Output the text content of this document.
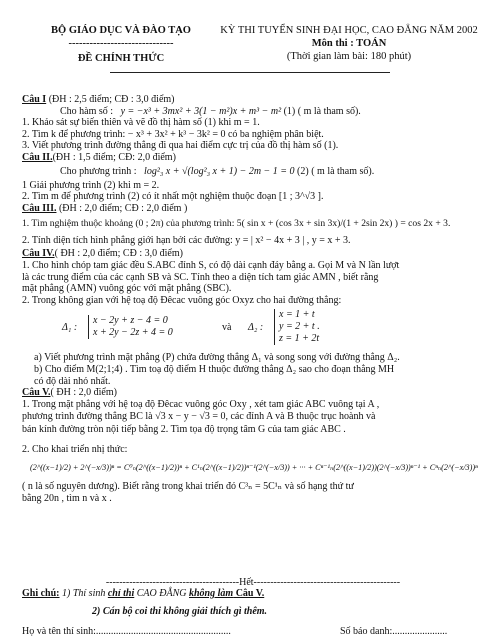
BỘ GIÁO DỤC VÀ ĐÀO TẠO
------------------------------
ĐỀ CHÍNH THỨC
KỲ THI TUYỂN SINH ĐẠI HỌC, CAO ĐẲNG NĂM 2002
Môn thi : TOÁN
(Thời gian làm bài: 180 phút)
Câu I (ĐH : 2,5 điểm; CĐ : 3,0 điểm)
Cho hàm số : y = −x³ + 3mx² + 3(1 − m²)x + m³ − m² (1) ( m là tham số).
1. Khảo sát sự biến thiên và vẽ đồ thị hàm số (1) khi m = 1.
2. Tìm k để phương trình: − x³ + 3x² + k³ − 3k² = 0 có ba nghiệm phân biệt.
3. Viết phương trình đường thẳng đi qua hai điểm cực trị của đồ thị hàm số (1).
Câu II.(ĐH : 1,5 điểm; CĐ: 2,0 điểm)
Cho phương trình : log²₃ x + √(log²₃ x + 1) − 2m − 1 = 0 (2) ( m là tham số).
1 Giải phương trình (2) khi m = 2.
2. Tìm m để phương trình (2) có ít nhất một nghiệm thuộc đoạn [1 ; 3^√3 ].
Câu III. (ĐH : 2,0 điểm; CĐ : 2,0 điểm )
1. Tìm nghiệm thuộc khoảng (0 ; 2π) của phương trình: 5( sin x + (cos 3x + sin 3x)/(1 + 2sin 2x) ) = cos 2x + 3.
2. Tính diện tích hình phẳng giới hạn bởi các đường: y = | x² − 4x + 3 | , y = x + 3.
Câu IV.( ĐH : 2,0 điểm; CĐ : 3,0 điểm)
1. Cho hình chóp tam giác đều S.ABC đỉnh S, có độ dài cạnh đáy bằng a. Gọi M và N lần lượt
là các trung điểm của các cạnh SB và SC. Tính theo a diện tích tam giác AMN , biết rằng
mặt phẳng (AMN) vuông góc với mặt phẳng (SBC).
2. Trong không gian với hệ toạ độ Đêcac vuông góc Oxyz cho hai đường thẳng:
Δ₁ :
x − 2y + z − 4 = 0
x + 2y − 2z + 4 = 0	và Δ₂ :
x = 1 + t
y = 2 + t .
z = 1 + 2t
a) Viết phương trình mặt phẳng (P) chứa đường thẳng Δ₁ và song song với đường thẳng Δ₂.
b) Cho điểm M(2;1;4) . Tìm toạ độ điểm H thuộc đường thẳng Δ₂ sao cho đoạn thẳng MH
có độ dài nhỏ nhất.
Câu V.( ĐH : 2,0 điểm)
1. Trong mặt phẳng với hệ toạ độ Đêcac vuông góc Oxy , xét tam giác ABC vuông tại A ,
phương trình đường thẳng BC là √3 x − y − √3 = 0, các đỉnh A và B thuộc trục hoành và
bán kính đường tròn nội tiếp bằng 2. Tìm tọa độ trọng tâm G của tam giác ABC .
2. Cho khai triển nhị thức:
(2^((x−1)/2) + 2^(−x/3))ⁿ = C⁰ₙ(2^((x−1)/2))ⁿ + C¹ₙ(2^((x−1)/2))ⁿ⁻¹(2^(−x/3)) + ··· + Cⁿ⁻¹ₙ(2^((x−1)/2))(2^(−x/3))ⁿ⁻¹ + Cⁿₙ(2^(−x/3))ⁿ
( n là số nguyên dương). Biết rằng trong khai triển đó C³ₙ = 5C¹ₙ và số hạng thứ tư
bằng 20n , tìm n và x .
----------------------------------------Hết--------------------------------------------
Ghi chú: 1) Thí sinh chỉ thi CAO ĐẲNG không làm Câu V.
2) Cán bộ coi thi không giải thích gì thêm.
Họ và tên thí sinh:......................................................	Số báo danh:......................
